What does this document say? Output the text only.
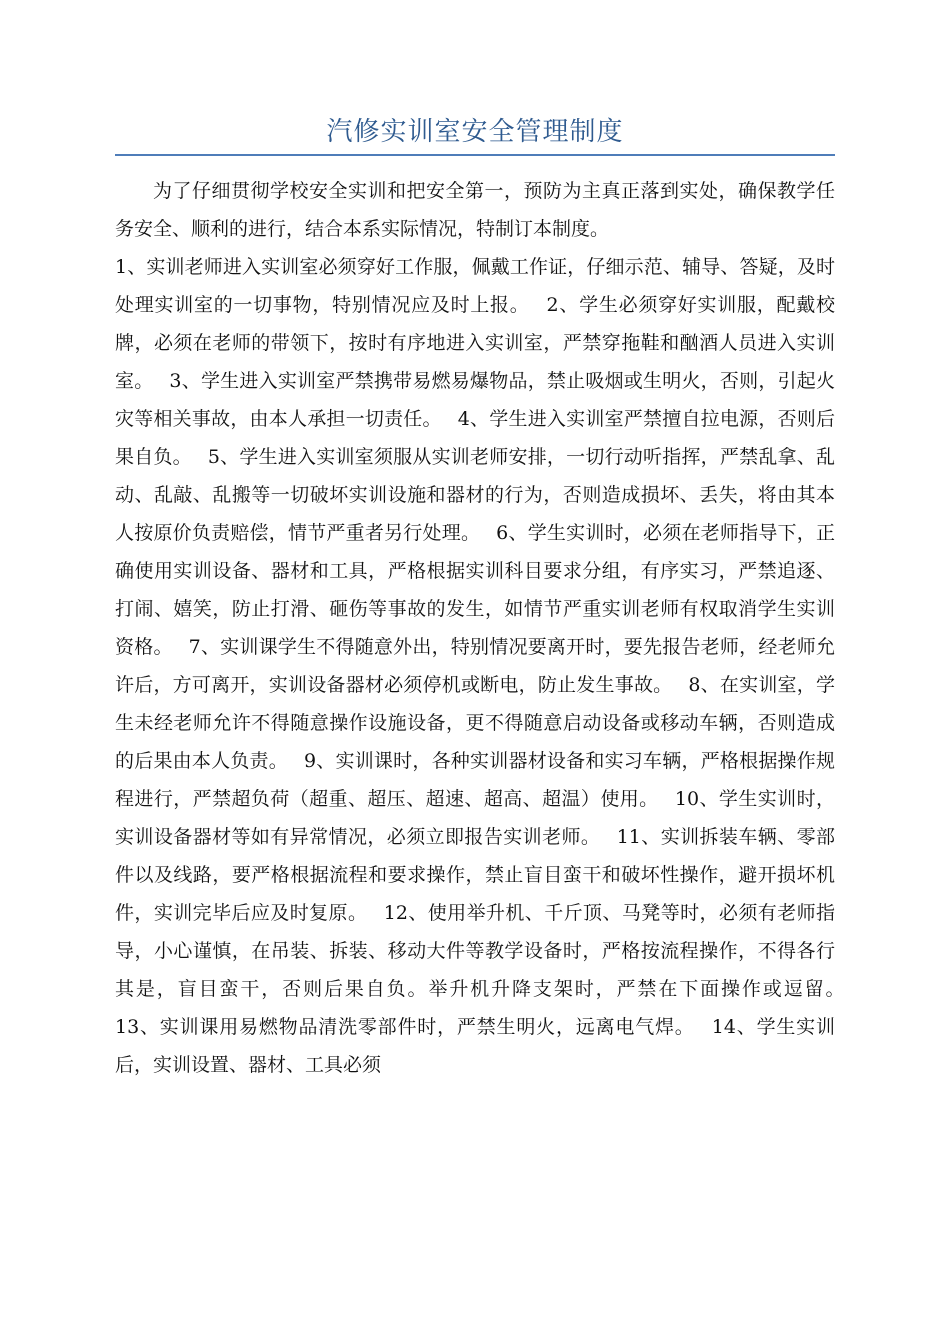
汽修实训室安全管理制度

为了仔细贯彻学校安全实训和把安全第一，预防为主真正落到实处，确保教学任务安全、顺利的进行，结合本系实际情况，特制订本制度。

1、实训老师进入实训室必须穿好工作服，佩戴工作证，仔细示范、辅导、答疑，及时处理实训室的一切事物，特别情况应及时上报。　 2、学生必须穿好实训服，配戴校牌，必须在老师的带领下，按时有序地进入实训室，严禁穿拖鞋和酗酒人员进入实训室。　 3、学生进入实训室严禁携带易燃易爆物品，禁止吸烟或生明火，否则，引起火灾等相关事故，由本人承担一切责任。　 4、学生进入实训室严禁擅自拉电源，否则后果自负。　 5、学生进入实训室须服从实训老师安排，一切行动听指挥，严禁乱拿、乱动、乱敲、乱搬等一切破坏实训设施和器材的行为，否则造成损坏、丢失，将由其本人按原价负责赔偿，情节严重者另行处理。　 6、学生实训时，必须在老师指导下，正确使用实训设备、器材和工具，严格根据实训科目要求分组，有序实习，严禁追逐、打闹、嬉笑，防止打滑、砸伤等事故的发生，如情节严重实训老师有权取消学生实训资格。　 7、实训课学生不得随意外出，特别情况要离开时，要先报告老师，经老师允许后，方可离开，实训设备器材必须停机或断电，防止发生事故。　 8、在实训室，学生未经老师允许不得随意操作设施设备，更不得随意启动设备或移动车辆，否则造成的后果由本人负责。　 9、实训课时，各种实训器材设备和实习车辆，严格根据操作规程进行，严禁超负荷（超重、超压、超速、超高、超温）使用。　 10、学生实训时，实训设备器材等如有异常情况，必须立即报告实训老师。　 11、实训拆装车辆、零部件以及线路，要严格根据流程和要求操作，禁止盲目蛮干和破坏性操作，避开损坏机件，实训完毕后应及时复原。　 12、使用举升机、千斤顶、马凳等时，必须有老师指导，小心谨慎，在吊装、拆装、移动大件等教学设备时，严格按流程操作，不得各行其是，盲目蛮干，否则后果自负。举升机升降支架时，严禁在下面操作或逗留。　 13、实训课用易燃物品清洗零部件时，严禁生明火，远离电气焊。　 14、学生实训后，实训设置、器材、工具必须
